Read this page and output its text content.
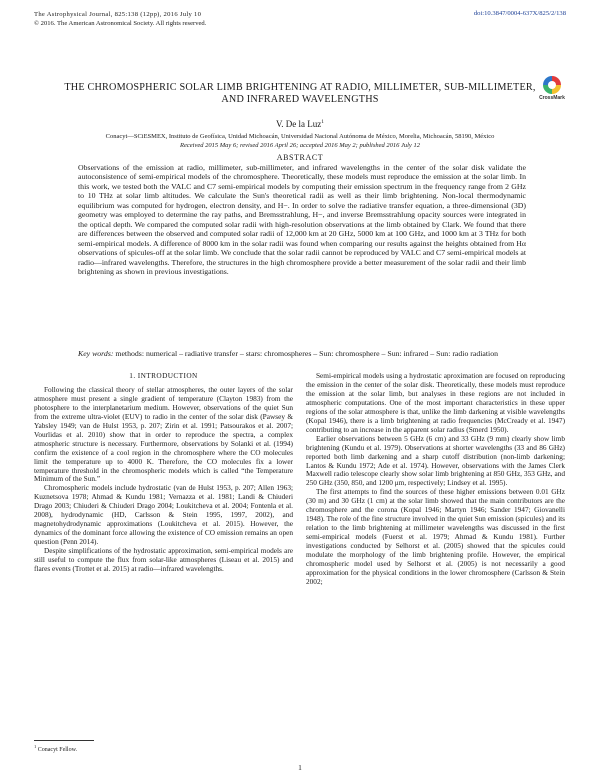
The Astrophysical Journal, 825:138 (12pp), 2016 July 10
© 2016. The American Astronomical Society. All rights reserved.
doi:10.3847/0004-637X/825/2/138
CrossMark
THE CHROMOSPHERIC SOLAR LIMB BRIGHTENING AT RADIO, MILLIMETER, SUB-MILLIMETER, AND INFRARED WAVELENGTHS
V. De la Luz$^1$
Conacyt—SCiESMEX, Instituto de Geofísica, Unidad Michoacán, Universidad Nacional Autónoma de México, Morelia, Michoacán, 58190, México
Received 2015 May 6; revised 2016 April 26; accepted 2016 May 2; published 2016 July 12
ABSTRACT

Observations of the emission at radio, millimeter, sub-millimeter, and infrared wavelengths in the center of the solar disk validate the autoconsistence of semi-empirical models of the chromosphere. Theoretically, these models must reproduce the emission at the solar limb. In this work, we tested both the VALC and C7 semi-empirical models by computing their emission spectrum in the frequency range from 2 GHz to 10 THz at solar limb altitudes. We calculate the Sun's theoretical radii as well as their limb brightening. Non-local thermodynamic equilibrium was computed for hydrogen, electron density, and H−. In order to solve the radiative transfer equation, a three-dimensional (3D) geometry was employed to determine the ray paths, and Bremsstrahlung, H−, and inverse Bremsstrahlung opacity sources were integrated in the optical depth. We compared the computed solar radii with high-resolution observations at the limb obtained by Clark. We found that there are differences between the observed and computed solar radii of 12,000 km at 20 GHz, 5000 km at 100 GHz, and 1000 km at 3 THz for both semi-empirical models. A difference of 8000 km in the solar radii was found when comparing our results against the heights obtained from Hα observations of spicules-off at the solar limb. We conclude that the solar radii cannot be reproduced by VALC and C7 semi-empirical models at radio—infrared wavelengths. Therefore, the structures in the high chromosphere provide a better measurement of the solar radii and their limb brightening as shown in previous investigations.

Key words: methods: numerical – radiative transfer – stars: chromospheres – Sun: chromosphere – Sun: infrared – Sun: radio radiation

1. INTRODUCTION

Following the classical theory of stellar atmospheres, the outer layers of the solar atmosphere must present a single gradient of temperature (Clayton 1983) from the photosphere to the interplanetarium medium. However, observations of the quiet Sun from the extreme ultra-violet (EUV) to radio in the center of the solar disk (Pawsey & Yabsley 1949; van de Hulst 1953, p. 207; Zirin et al. 1991; Patsourakos et al. 2007; Vourlidas et al. 2010) show that in order to reproduce the spectra, a complex atmospheric structure is necessary. Furthermore, observations by Solanki et al. (1994) confirm the existence of a cool region in the chromosphere where the CO molecules limit the temperature up to 4000 K. Therefore, the CO molecules fix a lower temperature threshold in the chromospheric models which is called “the Temperature Minimum of the Sun.”

Chromospheric models include hydrostatic (van de Hulst 1953, p. 207; Allen 1963; Kuznetsova 1978; Ahmad & Kundu 1981; Vernazza et al. 1981; Landi & Chiuderi Drago 2003; Chiuderi & Chiuderi Drago 2004; Loukitcheva et al. 2004; Fontenla et al. 2008), hydrodynamic (HD, Carlsson & Stein 1995, 1997, 2002), and magnetohydrodynamic approximations (Loukitcheva et al. 2015). However, the dynamics of the dominant force allowing the existence of CO emission remains an open question (Penn 2014).

Despite simplifications of the hydrostatic approximation, semi-empirical models are still useful to compute the flux from solar-like atmospheres (Liseau et al. 2015) and flares events (Trottet et al. 2015) at radio—infrared wavelengths.

Semi-empirical models using a hydrostatic aproximation are focused on reproducing the emission in the center of the solar disk. Theoretically, these models must reproduce the emission at the solar limb, but analyses in these regions are not included in atmospheric computations. One of the most important characteristics in these upper regions of the solar atmosphere is that, unlike the limb darkening at visible wavelengths (Kopal 1946), there is a limb brightening at radio frequencies (McCready et al. 1947) contributing to an increase in the apparent solar radius (Smerd 1950).

Earlier observations between 5 GHz (6 cm) and 33 GHz (9 mm) clearly show limb brightening (Kundu et al. 1979). Observations at shorter wavelengths (33 and 86 GHz) reported both limb darkening and a sharp cutoff distribution (non-limb darkening; Lantos & Kundu 1972; Ade et al. 1974). However, observations with the James Clerk Maxwell radio telescope clearly show solar limb brightening at 850 GHz, 353 GHz, and 250 GHz (350, 850, and 1200 μm, respectively; Lindsey et al. 1995).

The first attempts to find the sources of these higher emissions between 0.01 GHz (30 m) and 30 GHz (1 cm) at the solar limb showed that the main contributors are the chromosphere and the corona (Kopal 1946; Martyn 1946; Sander 1947; Giovanelli 1948). The role of the fine structure involved in the quiet Sun emission (spicules) and its relation to the limb brightening at millimeter wavelengths was discussed in the first semi-empirical models (Fuerst et al. 1979; Ahmad & Kundu 1981). Further investigations conducted by Selhorst et al. (2005) showed that the spicules could modulate the morphology of the limb brightening profile. However, the empirical chromospheric model used by Selhorst et al. (2005) is not necessarily a good approximation for the physical conditions in the lower chromosphere (Carlsson & Stein 2002;

$^1$ Conacyt Fellow.
1
